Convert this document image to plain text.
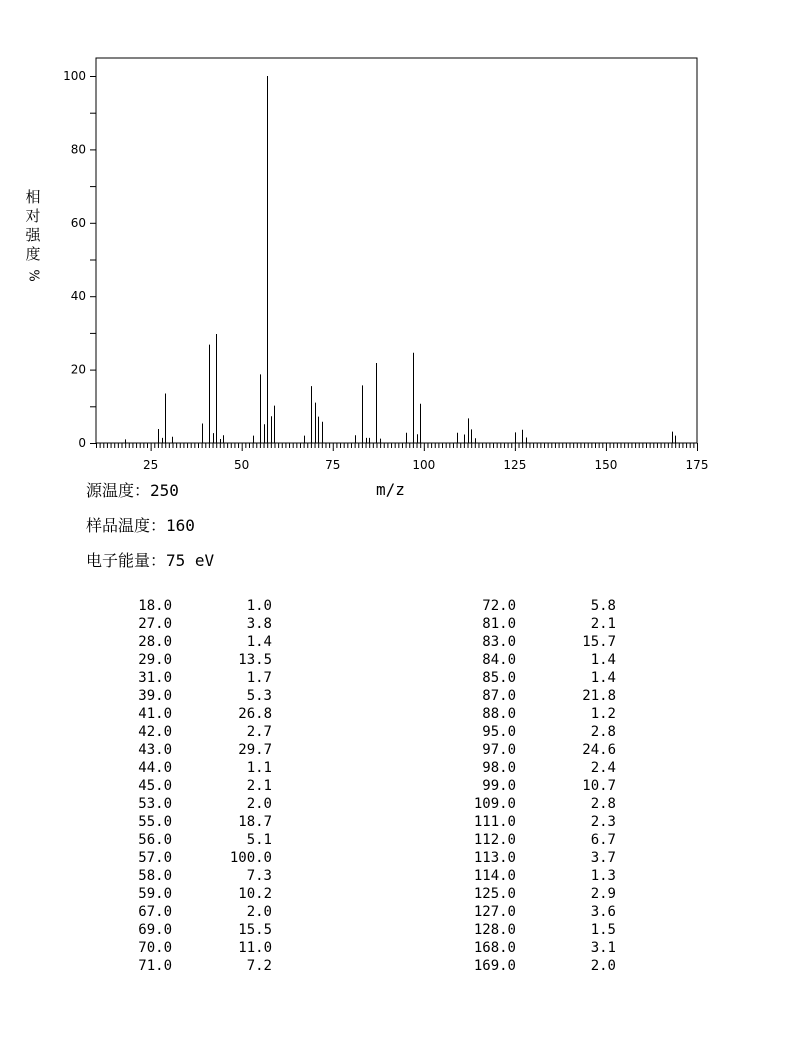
25	50	75	100	125	150	175
0
20
40
60
80
100
相
对
强
度
%
m/z
源温度：250
样品温度：160
电子能量：75 eV
18.0	1.0
27.0	3.8
28.0	1.4
29.0	13.5
31.0	1.7
39.0	5.3
41.0	26.8
42.0	2.7
43.0	29.7
44.0	1.1
45.0	2.1
53.0	2.0
55.0	18.7
56.0	5.1
57.0	100.0
58.0	7.3
59.0	10.2
67.0	2.0
69.0	15.5
70.0	11.0
71.0	7.2
72.0	5.8
81.0	2.1
83.0	15.7
84.0	1.4
85.0	1.4
87.0	21.8
88.0	1.2
95.0	2.8
97.0	24.6
98.0	2.4
99.0	10.7
109.0	2.8
111.0	2.3
112.0	6.7
113.0	3.7
114.0	1.3
125.0	2.9
127.0	3.6
128.0	1.5
168.0	3.1
169.0	2.0
